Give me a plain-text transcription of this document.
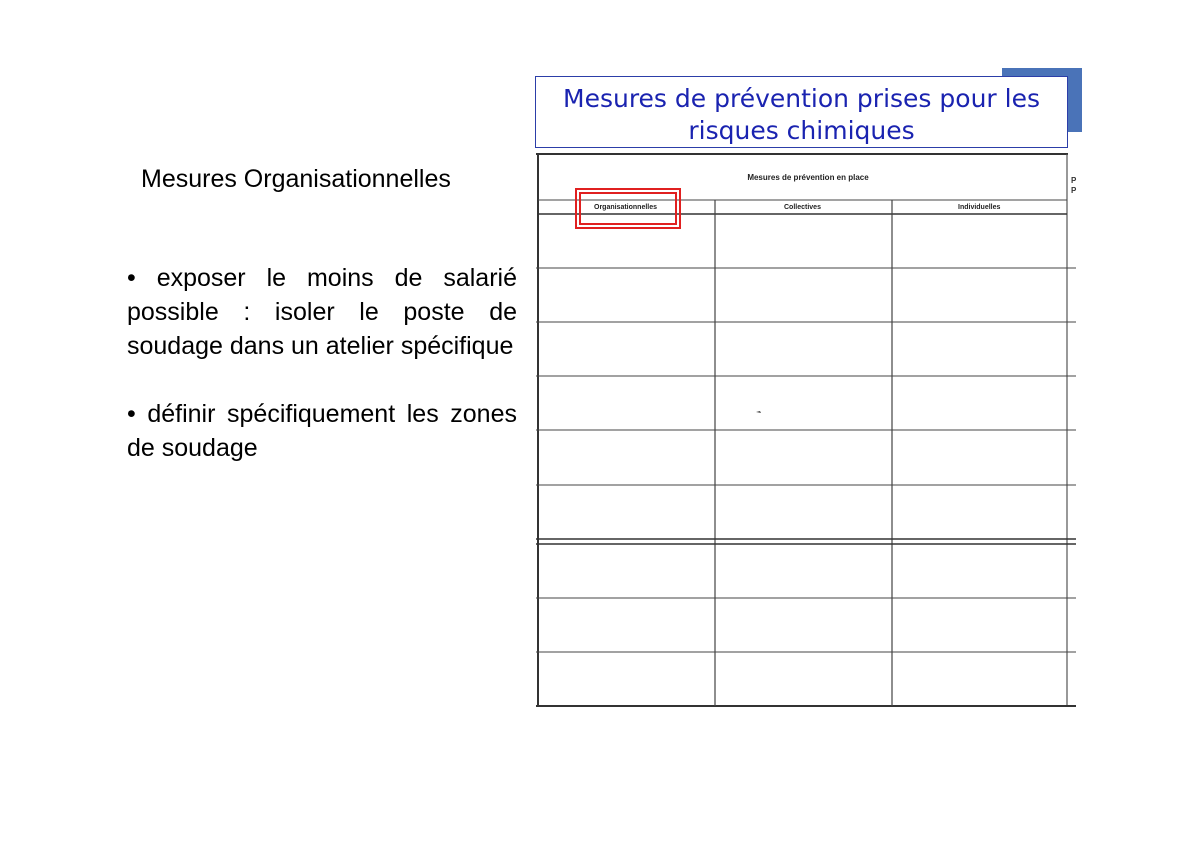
Mesures de prévention prises pour les risques chimiques
Mesures Organisationnelles

• exposer le moins de salarié possible : isoler le poste de soudage dans un atelier spécifique

• définir spécifiquement les zones de soudage

Mesures de prévention en place
Organisationnelles	Collectives	Individuelles
P
P
